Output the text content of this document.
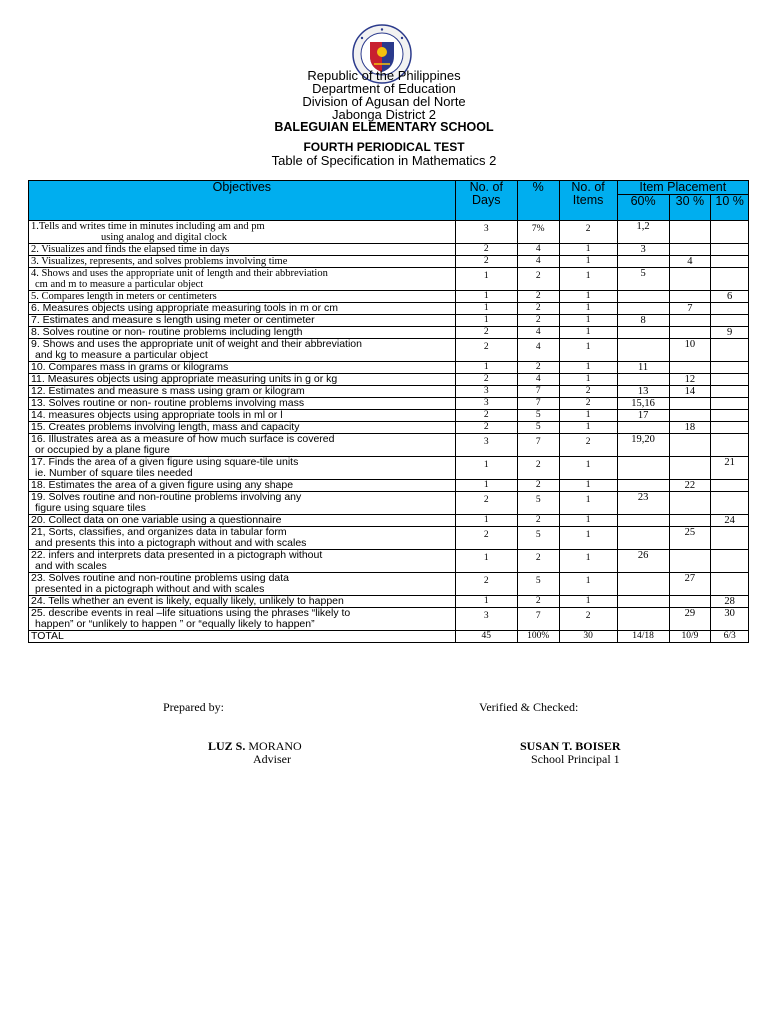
Republic of the Philippines
Department of Education
Division of Agusan del Norte
Jabonga District 2
BALEGUIAN ELEMENTARY SCHOOL
FOURTH PERIODICAL TEST
Table of Specification in Mathematics 2
Objectives	No. of Days	%	No. of Items	Item Placement		
				60%	30 %	10 %

1.Tells and writes time in minutes including am and pm
using analog and digital clock	3	7%	2	1,2		

2. Visualizes and finds the elapsed time in days	2	4	1	3		

3. Visualizes, represents, and solves problems involving time	2	4	1		4	

4. Shows and uses the appropriate unit of length and their abbreviation
cm and m to measure a particular object	1	2	1	5		

5. Compares length in meters or centimeters	1	2	1			6

6. Measures objects using appropriate measuring tools in m or cm	1	2	1		7	

7. Estimates and measure s length using meter or centimeter	1	2	1	8		

8. Solves routine or non- routine problems including length	2	4	1			9

9. Shows and uses the appropriate unit of weight and their abbreviation
and kg to measure a particular object	2	4	1		10	

10. Compares mass in grams or kilograms	1	2	1	11		

11. Measures objects using appropriate measuring units in g or kg	2	4	1		12	

12. Estimates and measure s mass using gram or kilogram	3	7	2	13	14	

13. Solves routine or non- routine problems involving mass	3	7	2	15,16		

14. measures objects using appropriate tools in ml or l	2	5	1	17		

15. Creates problems involving length, mass and capacity	2	5	1		18	

16. Illustrates area as a measure of how much surface is covered
or occupied by a plane figure	3	7	2	19,20		

17. Finds the area of a given figure using square-tile units
ie. Number of square tiles needed	1	2	1			21

18. Estimates the area of a given figure using any shape	1	2	1		22	

19. Solves routine and non-routine problems involving any
figure using square tiles	2	5	1	23		

20. Collect data on one variable using a questionnaire	1	2	1			24

21, Sorts, classifies, and organizes data in tabular form
and presents this into a pictograph without and with scales	2	5	1		25	

22. infers and interprets data presented in a pictograph without
and with scales	1	2	1	26		

23. Solves routine and non-routine problems using data
presented in a pictograph without and with scales	2	5	1		27	

24. Tells whether an event is likely, equally likely, unlikely to happen	1	2	1			28

25. describe events in real –life situations using the phrases “likely to
happen” or “unlikely to happen ” or “equally likely to happen”	3	7	2		29	30
TOTAL	45	100%	30	14/18	10/9	6/3
Prepared by:	Verified & Checked:
LUZ S. MORANO
Adviser
SUSAN T. BOISER
School Principal 1
